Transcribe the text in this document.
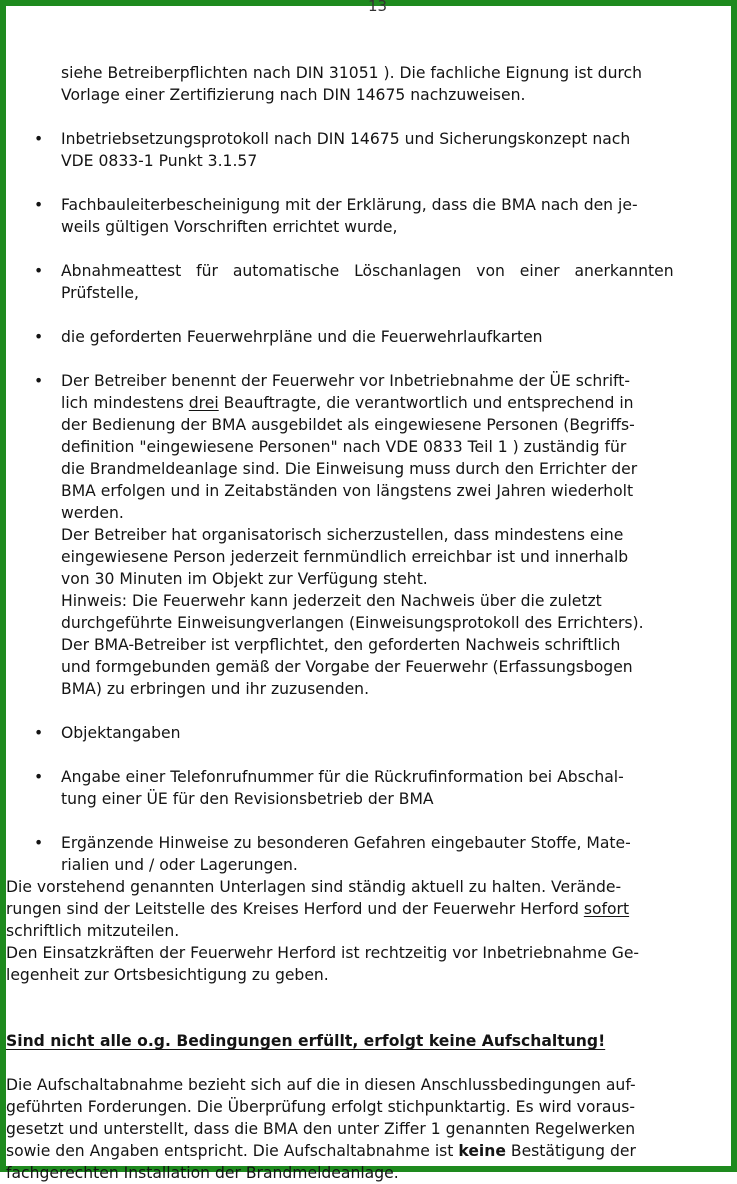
13
siehe Betreiberpflichten nach DIN 31051 ). Die fachliche Eignung ist durch
Vorlage einer Zertifizierung nach DIN 14675 nachzuweisen.
• Inbetriebsetzungsprotokoll nach DIN 14675 und Sicherungskonzept nach
VDE 0833-1 Punkt 3.1.57
• Fachbauleiterbescheinigung mit der Erklärung, dass die BMA nach den je-
weils gültigen Vorschriften errichtet wurde,
• Abnahmeattest   für   automatische   Löschanlagen   von   einer   anerkannten
Prüfstelle,
• die geforderten Feuerwehrpläne und die Feuerwehrlaufkarten
• Der Betreiber benennt der Feuerwehr vor Inbetriebnahme der ÜE schrift-
lich mindestens drei Beauftragte, die verantwortlich und entsprechend in
der Bedienung der BMA ausgebildet als eingewiesene Personen (Begriffs-
definition "eingewiesene Personen" nach VDE 0833 Teil 1 ) zuständig für
die Brandmeldeanlage sind. Die Einweisung muss durch den Errichter der
BMA erfolgen und in Zeitabständen von längstens zwei Jahren wiederholt
werden.
Der Betreiber hat organisatorisch sicherzustellen, dass mindestens eine
eingewiesene Person jederzeit fernmündlich erreichbar ist und innerhalb
von 30 Minuten im Objekt zur Verfügung steht.
Hinweis: Die Feuerwehr kann jederzeit den Nachweis über die zuletzt
durchgeführte Einweisungverlangen (Einweisungsprotokoll des Errichters).
Der BMA-Betreiber ist verpflichtet, den geforderten Nachweis schriftlich
und formgebunden gemäß der Vorgabe der Feuerwehr (Erfassungsbogen
BMA) zu erbringen und ihr zuzusenden.
• Objektangaben
• Angabe einer Telefonrufnummer für die Rückrufinformation bei Abschal-
tung einer ÜE für den Revisionsbetrieb der BMA
• Ergänzende Hinweise zu besonderen Gefahren eingebauter Stoffe, Mate-
rialien und / oder Lagerungen.
Die vorstehend genannten Unterlagen sind ständig aktuell zu halten. Verände-
rungen sind der Leitstelle des Kreises Herford und der Feuerwehr Herford sofort
schriftlich mitzuteilen.
Den Einsatzkräften der Feuerwehr Herford ist rechtzeitig vor Inbetriebnahme Ge-
legenheit zur Ortsbesichtigung zu geben.
Sind nicht alle o.g. Bedingungen erfüllt, erfolgt keine Aufschaltung!
Die Aufschaltabnahme bezieht sich auf die in diesen Anschlussbedingungen auf-
geführten Forderungen. Die Überprüfung erfolgt stichpunktartig. Es wird voraus-
gesetzt und unterstellt, dass die BMA den unter Ziffer 1 genannten Regelwerken
sowie den Angaben entspricht. Die Aufschaltabnahme ist keine Bestätigung der
fachgerechten Installation der Brandmeldeanlage.
